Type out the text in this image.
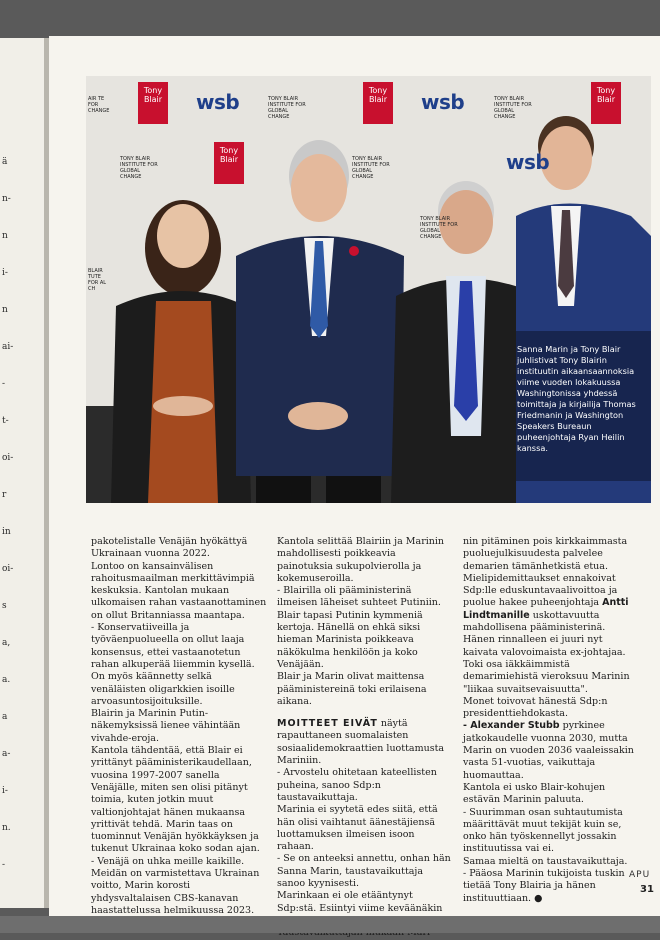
ä
n-
n
i-
n
ai-
-
t-
oi-
r
in
oi-
s
a,
a.
a
a-
i-
n.
-
AIR TE FOR CHANGE
Tony Blair wsb	TONY BLAIR INSTITUTE FOR GLOBAL CHANGE
Tony Blair wsb	TONY BLAIR INSTITUTE FOR GLOBAL CHANGE
Tony Blair
TONY BLAIR INSTITUTE FOR GLOBAL CHANGE
Tony Blair	TONY BLAIR INSTITUTE FOR GLOBAL CHANGE
wsb
TONY BLAIR INSTITUTE FOR GLOBAL CHANGE
BLAIR TUTE FOR AL CH
Sanna Marin ja Tony Blair juhlistivat Tony Blairin instituutin aikaansaannoksia viime vuoden lokakuussa Washingtonissa yhdessä toimittaja ja kirjailija Thomas Friedmanin ja Washington Speakers Bureaun puheenjohtaja Ryan Heilin kanssa.

pakotelistalle Venäjän hyökättyä Ukrainaan vuonna 2022.

Lontoo on kansainvälisen rahoitusmaailman merkittävimpiä keskuksia. Kantolan mukaan ulkomaisen rahan vastaanottaminen on ollut Britanniassa maantapa.

- Konservatiiveilla ja työväenpuolueella on ollut laaja konsensus, ettei vastaanotetun rahan alkuperää liiemmin kysellä. On myös käännetty selkä venäläisten oligarkkien isoille arvoasuntosijoituksille.

Blairin ja Marinin Putin-näkemyksissä lienee vähintään vivahde-eroja.

Kantola tähdentää, että Blair ei yrittänyt pääministerikaudellaan, vuosina 1997-2007 sanella Venäjälle, miten sen olisi pitänyt toimia, kuten jotkin muut valtionjohtajat hänen mukaansa yrittivät tehdä. Marin taas on tuominnut Venäjän hyökkäyksen ja tukenut Ukrainaa koko sodan ajan.

- Venäjä on uhka meille kaikille. Meidän on varmistettava Ukrainan voitto, Marin korosti yhdysvaltalaisen CBS-kanavan haastattelussa helmikuussa 2023.

Kantola selittää Blairiin ja Marinin mahdollisesti poikkeavia painotuksia sukupolvierolla ja kokemuseroilla.

- Blairilla oli pääministerinä ilmeisen läheiset suhteet Putiniin. Blair tapasi Putinin kymmeniä kertoja. Hänellä on ehkä siksi hieman Marinista poikkeava näkökulma henkilöön ja koko Venäjään.

Blair ja Marin olivat maittensa pääministereinä toki erilaisena aikana.

MOITTEET EIVÄT näytä rapauttaneen suomalaisten sosiaalidemokraattien luottamusta Mariniin.

- Arvostelu ohitetaan kateellisten puheina, sanoo Sdp:n taustavaikuttaja.

Marinia ei syytetä edes siitä, että hän olisi vaihtanut äänestäjiensä luottamuksen ilmeisen isoon rahaan.

- Se on anteeksi annettu, onhan hän Sanna Marin, taustavaikuttaja sanoo kyynisesti.

Marinkaan ei ole etääntynyt Sdp:stä. Esiintyi viime keväänäkin

nin pitäminen pois kirkkaimmasta puoluejulkisuudesta palvelee demarien tämänhetkistä etua. Mielipidemittaukset ennakoivat Sdp:lle eduskuntavaalivoittoa ja puolue hakee puheenjohtaja Antti Lindtmanille uskottavuutta mahdollisena pääministerinä. Hänen rinnalleen ei juuri nyt kaivata valovoimaista ex-johtajaa.

Toki osa iäkkäimmistä demarimiehistä vieroksuu Marinin "liikaa suvaitsevaisuutta".

Monet toivovat hänestä Sdp:n presidenttiehdokasta.

- Alexander Stubb pyrkinee jatkokaudelle vuonna 2030, mutta Marin on vuoden 2036 vaaleissakin vasta 51-vuotias, vaikuttaja huomauttaa.

Kantola ei usko Blair-kohujen estävän Marinin paluuta.

- Suurimman osan suhtautumista määrittävät muut tekijät kuin se, onko hän työskennellyt jossakin instituutissa vai ei.

Samaa mieltä on taustavaikuttaja.

- Pääosa Marinin tukijoista tuskin tietää Tony Blairia ja hänen instituuttiaan. ●

APU
31
